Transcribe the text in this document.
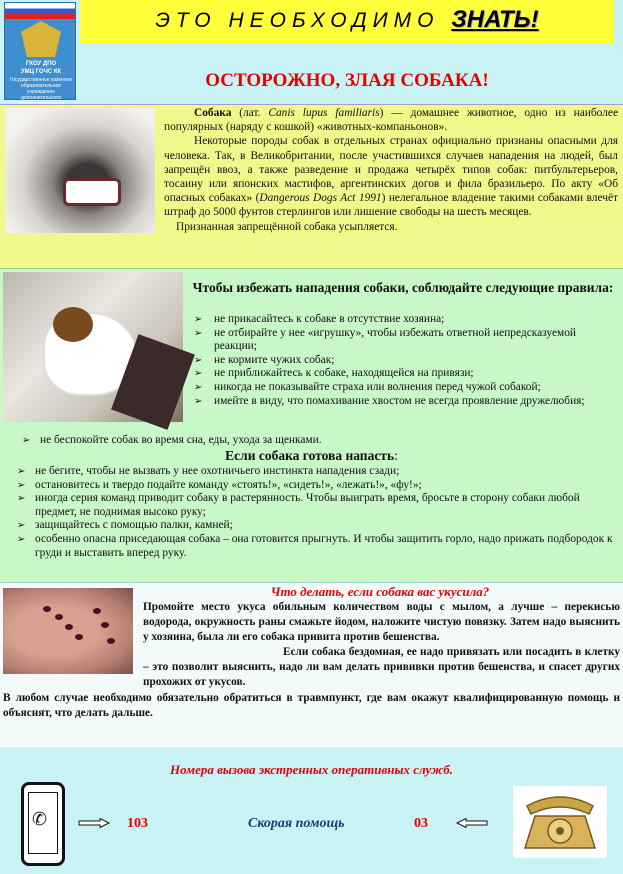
ЭТО НЕОБХОДИМО ЗНАТЬ!
ГКОУ ДПО
УМЦ ГОЧС КК
Государственное казенное образовательное учреждение дополнительного
ОСТОРОЖНО, ЗЛАЯ СОБАКА!

Собака (лат. Canis lupus familiaris) — домашнее животное, одно из наиболее популярных (наряду с кошкой) «животных-компаньонов».

Некоторые породы собак в отдельных странах официально признаны опасными для человека. Так, в Великобритании, после участившихся случаев нападения на людей, был запрещён ввоз, а также разведение и продажа четырёх типов собак: питбультерьеров, тосаину или японских мастифов, аргентинских догов и фила бразильеро. По акту «Об опасных собаках» (Dangerous Dogs Act 1991) нелегальное владение такими собаками влечёт штраф до 5000 фунтов стерлингов или лишение свободы на шесть месяцев.

Признанная запрещённой собака усыпляется.

Чтобы избежать нападения собаки, соблюдайте следующие правила:
➢ не прикасайтесь к собаке в отсутствие хозяина;
➢ не отбирайте у нее «игрушку», чтобы избежать ответной непредсказуемой реакции;
➢ не кормите чужих собак;
➢ не приближайтесь к собаке, находящейся на привязи;
➢ никогда не показывайте страха или волнения перед чужой собакой;
➢ имейте в виду, что помахивание хвостом не всегда проявление дружелюбия;
➢ не беспокойте собак во время сна, еды, ухода за щенками.
Если собака готова напасть:
➢ не бегите, чтобы не вызвать у нее охотничьего инстинкта нападения сзади;
➢ остановитесь и твердо подайте команду «стоять!», «сидеть!», «лежать!», «фу!»;
➢ иногда серия команд приводит собаку в растерянность. Чтобы выиграть время, бросьте в сторону собаки любой предмет, не поднимая высоко руку;
➢ защищайтесь с помощью палки, камней;
➢ особенно опасна приседающая собака – она готовится прыгнуть. И чтобы защитить горло, надо прижать подбородок к груди и выставить вперед руку.
Что делать, если собака вас укусила?

Промойте место укуса обильным количеством воды с мылом, а лучше – перекисью водорода, окружность раны смажьте йодом, наложите чистую повязку. Затем надо выяснить у хозяина, была ли его собака привита против бешенства.

Если собака бездомная, ее надо привязать или посадить в клетку – это позволит выяснить, надо ли вам делать прививки против бешенства, и спасет других прохожих от укусов.

В любом случае необходимо обязательно обратиться в травмпункт, где вам окажут квалифицированную помощь и объяснят, что делать дальше.

Номера вызова экстренных оперативных служб.
✆	103	Скорая помощь	03
